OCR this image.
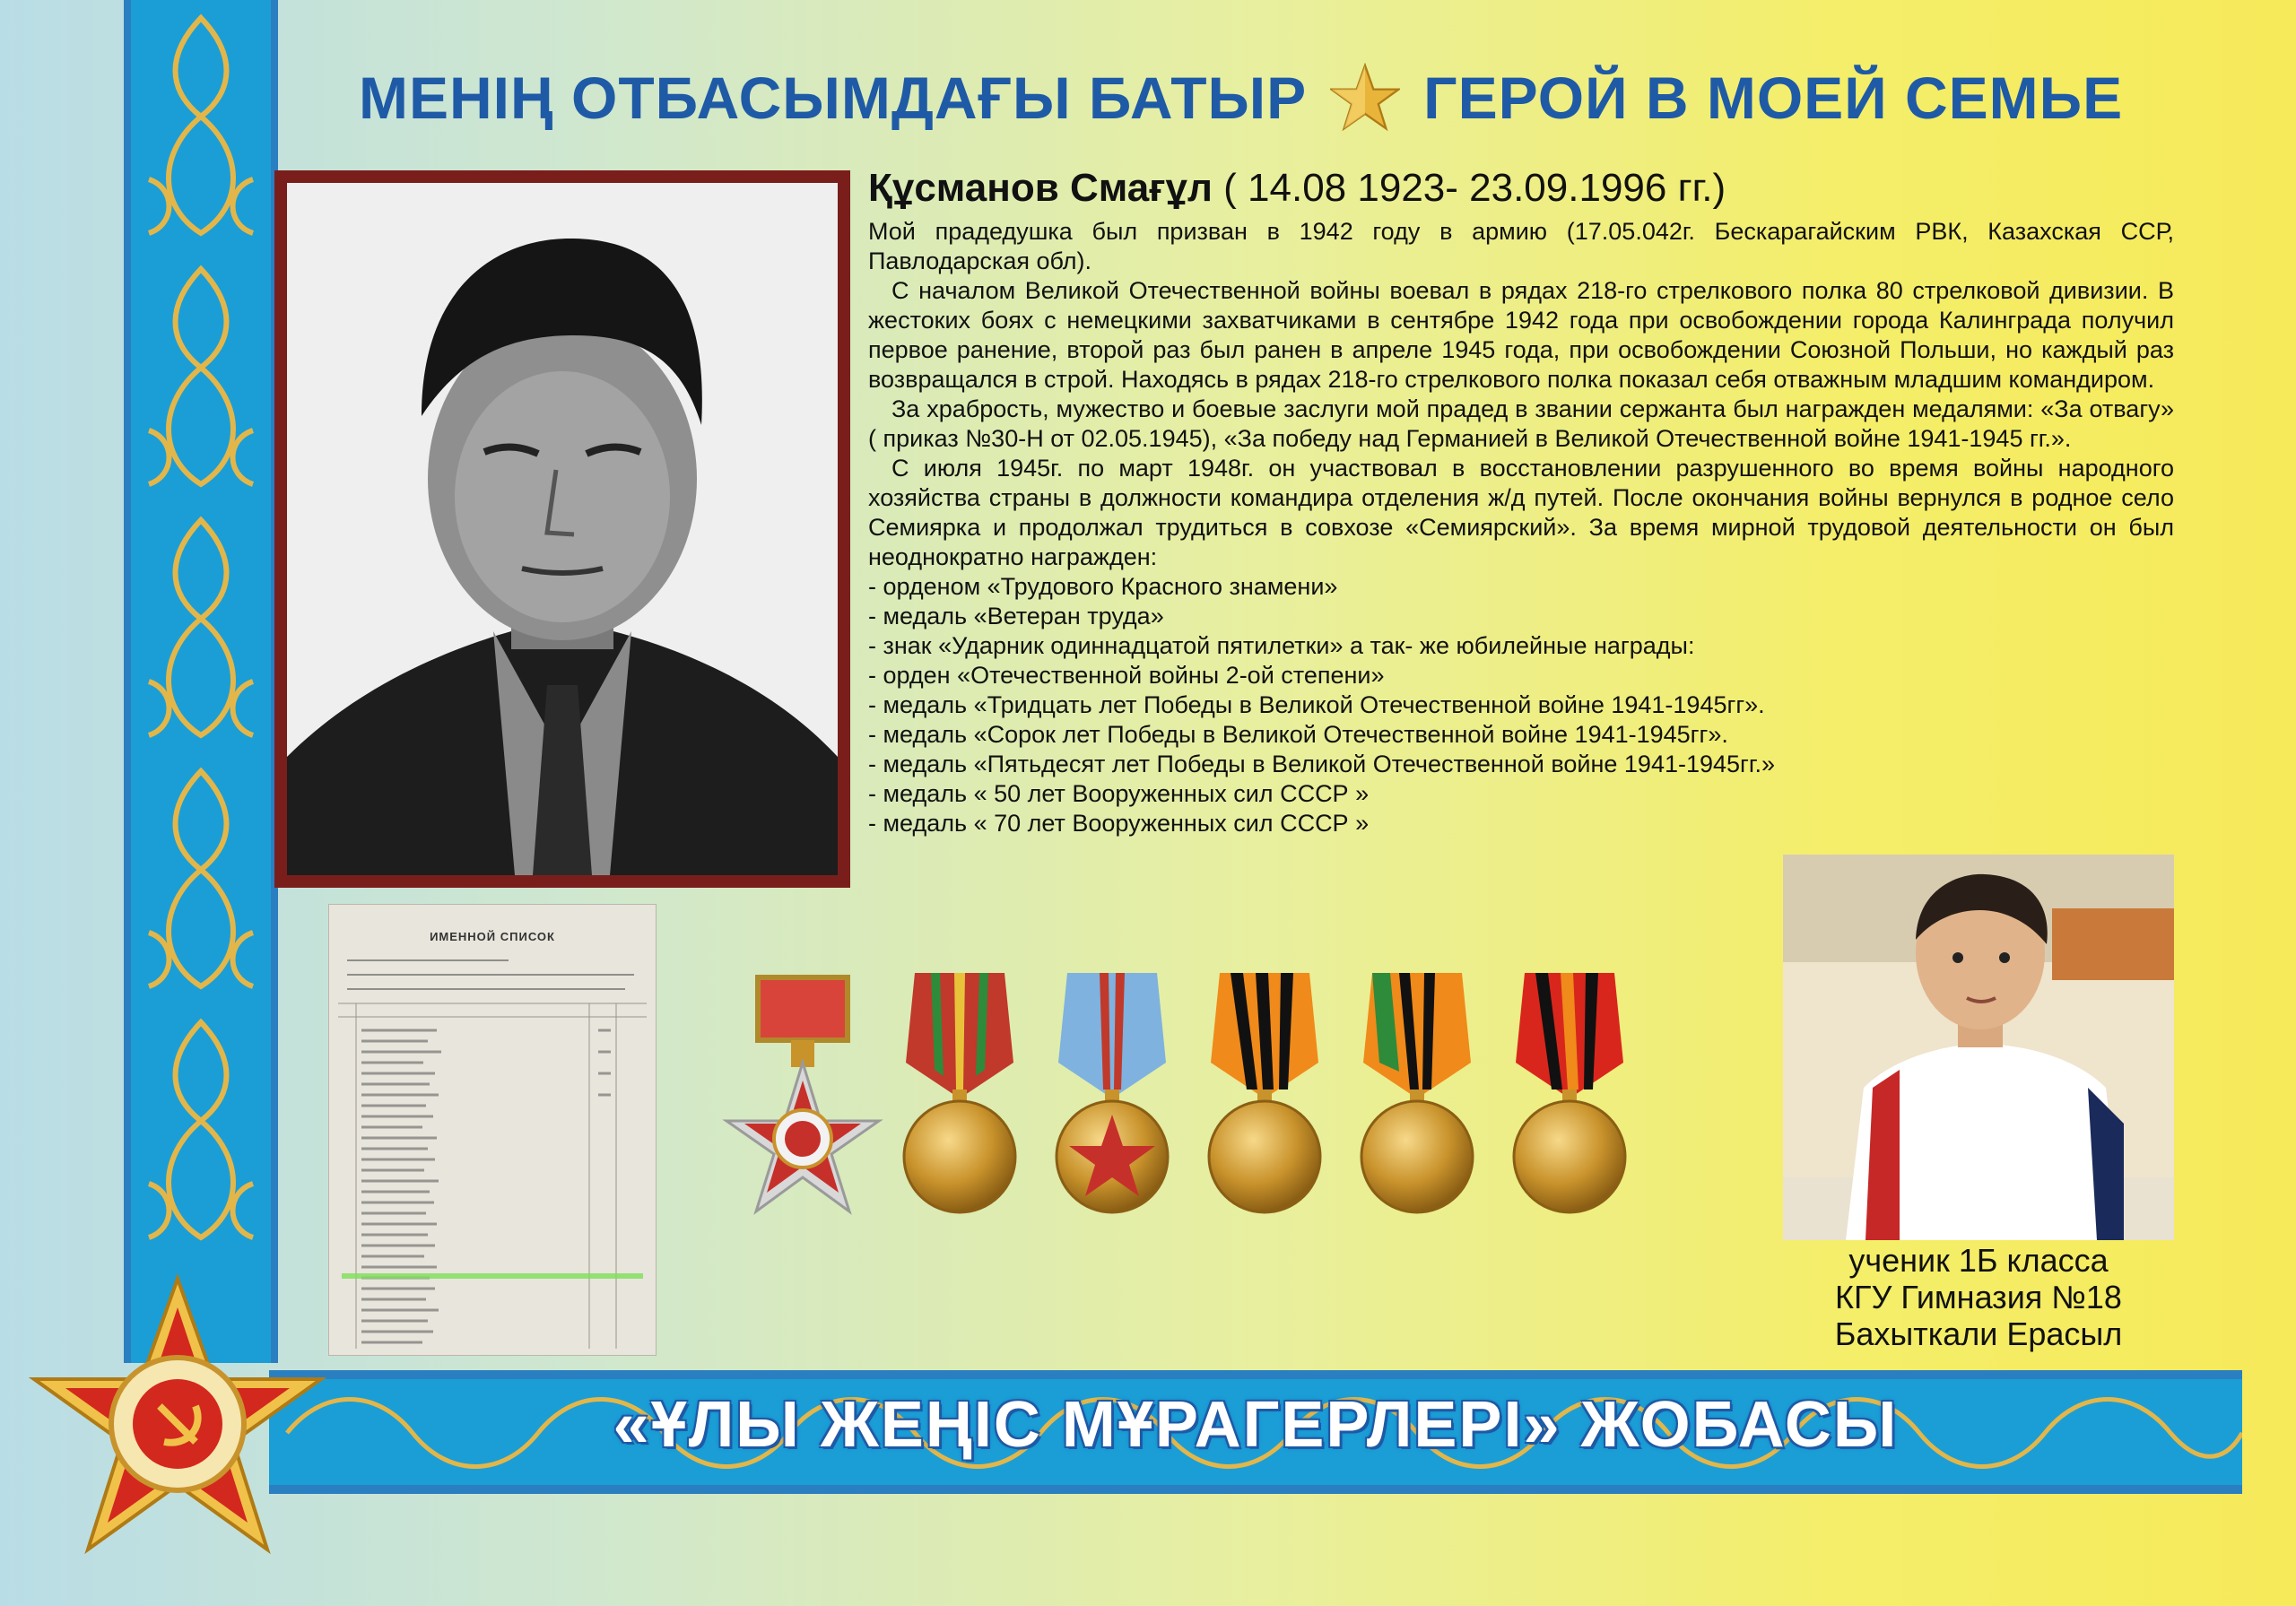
МЕНІҢ ОТБАСЫМДАҒЫ БАТЫР ГЕРОЙ В МОЕЙ СЕМЬЕ
Құсманов Смағұл ( 14.08 1923- 23.09.1996 гг.)

Мой прадедушка был призван в 1942 году в армию (17.05.042г. Бескарагайским РВК, Казахская ССР, Павлодарская обл).

С началом Великой Отечественной войны воевал в рядах 218-го стрелкового полка 80 стрелковой дивизии. В жестоких боях с немецкими захватчиками в сентябре 1942 года при освобождении города Калинграда получил первое ранение, второй раз был ранен в апреле 1945 года, при освобождении Союзной Польши, но каждый раз возвращался в строй. Находясь в рядах 218-го стрелкового полка показал себя отважным младшим командиром.

За храбрость, мужество и боевые заслуги мой прадед в звании сержанта был награжден медалями: «За отвагу» ( приказ №30-Н от 02.05.1945), «За победу над Германией в Великой Отечественной войне 1941-1945 гг.».

С июля 1945г. по март 1948г. он участвовал в восстановлении разрушенного во время войны народного хозяйства страны в должности командира отделения ж/д путей. После окончания войны вернулся в родное село Семиярка и продолжал трудиться в совхозе «Семиярский». За время мирной трудовой деятельности он был неоднократно награжден:

- орденом «Трудового Красного знамени»

- медаль «Ветеран труда»

- знак «Ударник одиннадцатой пятилетки» а так- же юбилейные награды:

- орден «Отечественной войны 2-ой степени»

- медаль «Тридцать лет Победы в Великой Отечественной войне 1941-1945гг».

- медаль «Сорок лет Победы в Великой Отечественной войне 1941-1945гг».

- медаль «Пятьдесят лет Победы в Великой Отечественной войне 1941-1945гг.»

- медаль « 50 лет Вооруженных сил СССР »

- медаль « 70 лет Вооруженных сил СССР »

ИМЕННОЙ СПИСОК
ученик 1Б класса
КГУ Гимназия №18
Бахыткали Ерасыл
«ҰЛЫ ЖЕҢІС МҰРАГЕРЛЕРІ» ЖОБАСЫ
